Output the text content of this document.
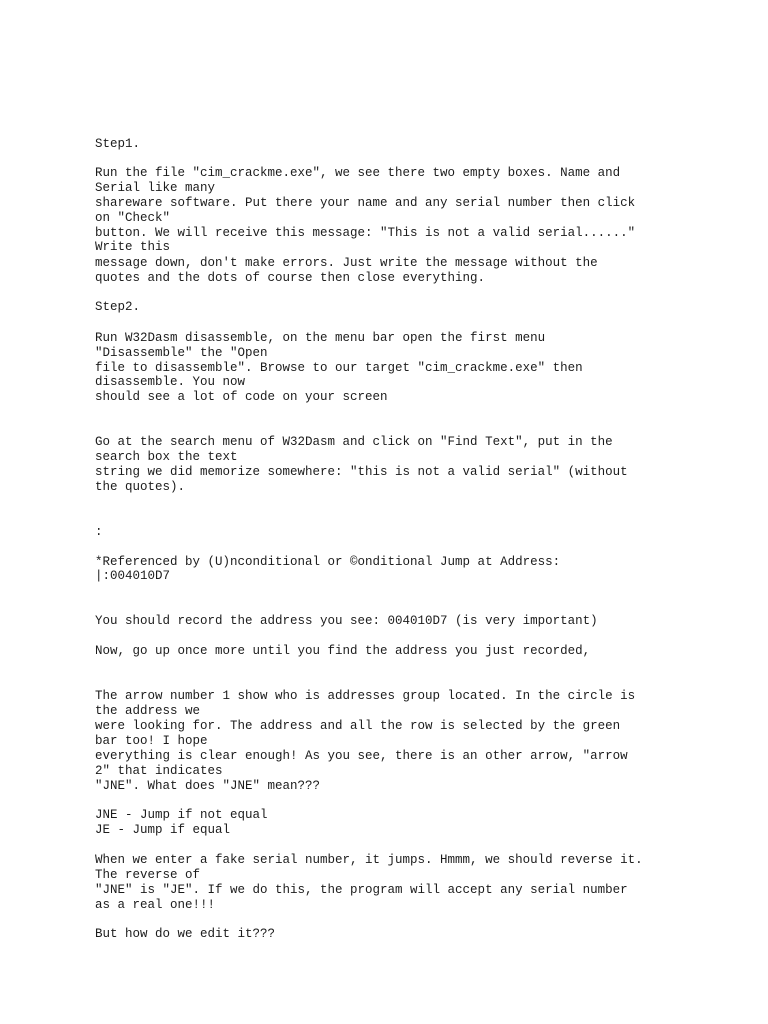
Step1.
Run the file "cim_crackme.exe", we see there two empty boxes. Name and
Serial like many
shareware software. Put there your name and any serial number then click
on "Check"
button. We will receive this message: "This is not a valid serial......"
Write this
message down, don't make errors. Just write the message without the
quotes and the dots of course then close everything.
Step2.
Run W32Dasm disassemble, on the menu bar open the first menu
"Disassemble" the "Open
file to disassemble". Browse to our target "cim_crackme.exe" then
disassemble. You now
should see a lot of code on your screen
Go at the search menu of W32Dasm and click on "Find Text", put in the
search box the text
string we did memorize somewhere: "this is not a valid serial" (without
the quotes).
:
*Referenced by (U)nconditional or ©onditional Jump at Address:
|:004010D7
You should record the address you see: 004010D7 (is very important)
Now, go up once more until you find the address you just recorded,
The arrow number 1 show who is addresses group located. In the circle is
the address we
were looking for. The address and all the row is selected by the green
bar too! I hope
everything is clear enough! As you see, there is an other arrow, "arrow
2" that indicates
"JNE". What does "JNE" mean???
JNE - Jump if not equal
JE - Jump if equal
When we enter a fake serial number, it jumps. Hmmm, we should reverse it.
The reverse of
"JNE" is "JE". If we do this, the program will accept any serial number
as a real one!!!
But how do we edit it???
